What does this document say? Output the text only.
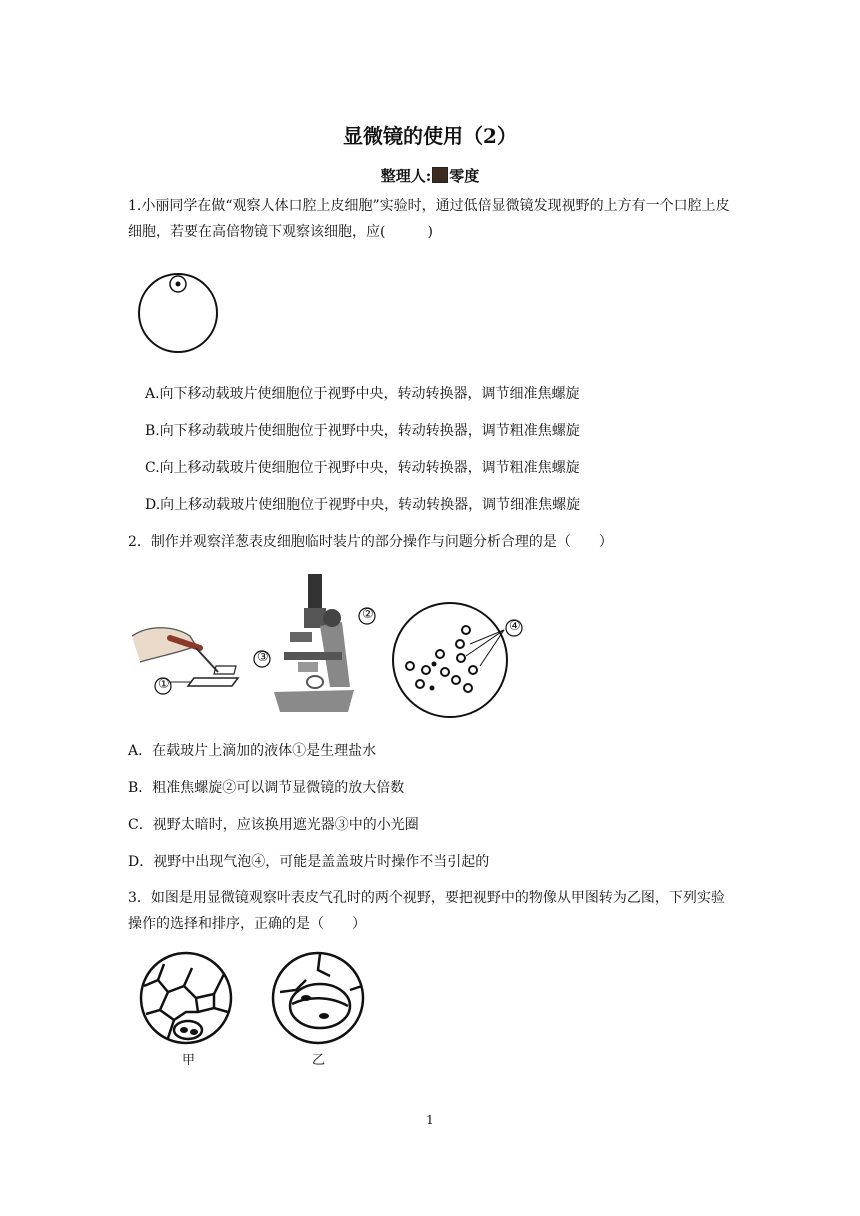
显微镜的使用（2）
整理人: 零度
1.小丽同学在做“观察人体口腔上皮细胞”实验时，通过低倍显微镜发现视野的上方有一个口腔上皮细胞，若要在高倍物镜下观察该细胞，应(　　　)
A.向下移动载玻片使细胞位于视野中央，转动转换器，调节细准焦螺旋
B.向下移动载玻片使细胞位于视野中央，转动转换器，调节粗准焦螺旋
C.向上移动载玻片使细胞位于视野中央，转动转换器，调节粗准焦螺旋
D.向上移动载玻片使细胞位于视野中央，转动转换器，调节细准焦螺旋
2．制作并观察洋葱表皮细胞临时装片的部分操作与问题分析合理的是（　　）
①
②
③
④
A．在载玻片上滴加的液体①是生理盐水
B．粗准焦螺旋②可以调节显微镜的放大倍数
C．视野太暗时，应该换用遮光器③中的小光圈
D．视野中出现气泡④，可能是盖盖玻片时操作不当引起的
3．如图是用显微镜观察叶表皮气孔时的两个视野，要把视野中的物像从甲图转为乙图，下列实验操作的选择和排序，正确的是（　　）
甲	乙
1
